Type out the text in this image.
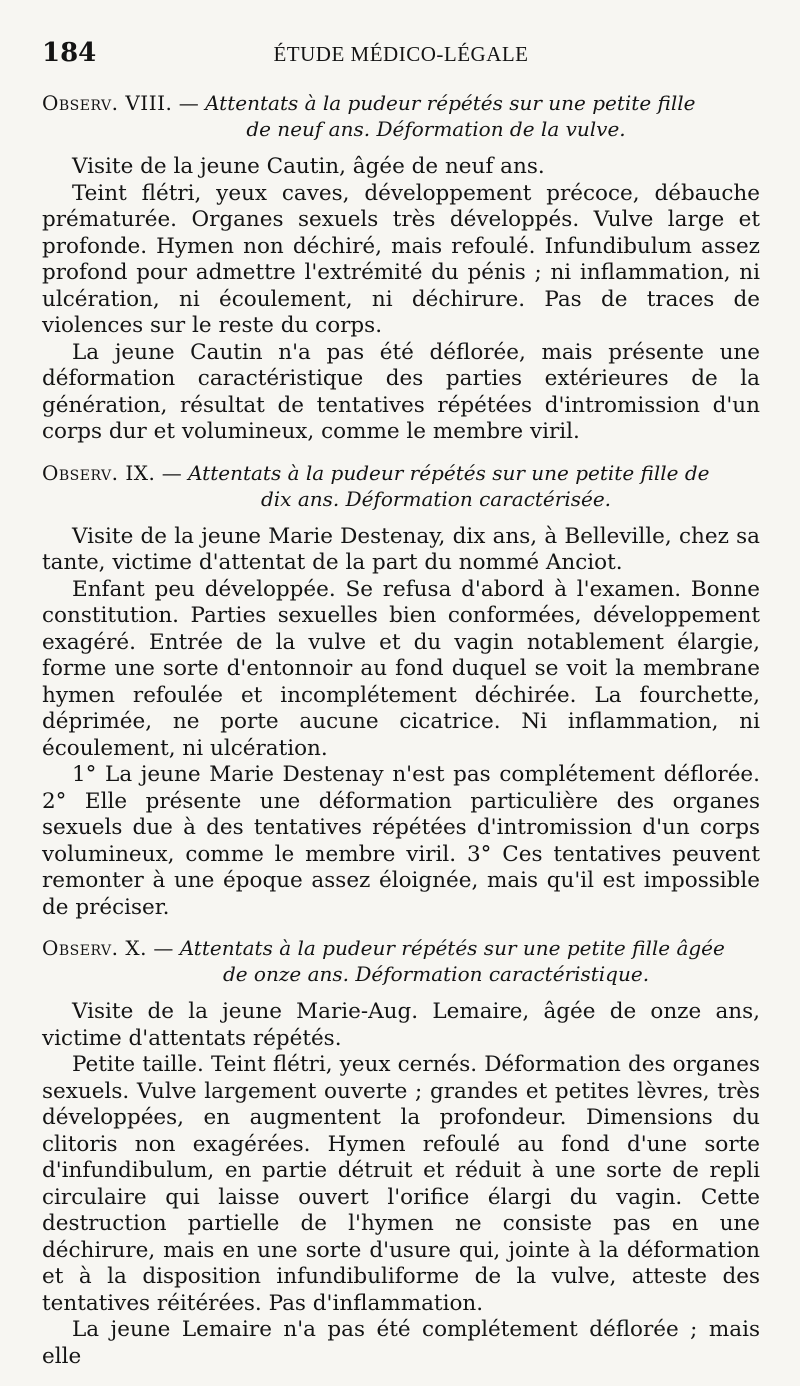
184	ÉTUDE MÉDICO-LÉGALE
Observ. VIII. — Attentats à la pudeur répétés sur une petite fille
de neuf ans. Déformation de la vulve.

Visite de la jeune Cautin, âgée de neuf ans.

Teint flétri, yeux caves, développement précoce, débauche prématurée. Organes sexuels très développés. Vulve large et profonde. Hymen non déchiré, mais refoulé. Infundibulum assez profond pour admettre l'extrémité du pénis ; ni inflammation, ni ulcération, ni écoulement, ni déchirure. Pas de traces de violences sur le reste du corps.

La jeune Cautin n'a pas été déflorée, mais présente une déformation caractéristique des parties extérieures de la génération, résultat de tentatives répétées d'intromission d'un corps dur et volumineux, comme le membre viril.

Observ. IX. — Attentats à la pudeur répétés sur une petite fille de
dix ans. Déformation caractérisée.

Visite de la jeune Marie Destenay, dix ans, à Belleville, chez sa tante, victime d'attentat de la part du nommé Anciot.

Enfant peu développée. Se refusa d'abord à l'examen. Bonne constitution. Parties sexuelles bien conformées, développement exagéré. Entrée de la vulve et du vagin notablement élargie, forme une sorte d'entonnoir au fond duquel se voit la membrane hymen refoulée et incomplétement déchirée. La fourchette, déprimée, ne porte aucune cicatrice. Ni inflammation, ni écoulement, ni ulcération.

1° La jeune Marie Destenay n'est pas complétement déflorée. 2° Elle présente une déformation particulière des organes sexuels due à des tentatives répétées d'intromission d'un corps volumineux, comme le membre viril. 3° Ces tentatives peuvent remonter à une époque assez éloignée, mais qu'il est impossible de préciser.

Observ. X. — Attentats à la pudeur répétés sur une petite fille âgée
de onze ans. Déformation caractéristique.

Visite de la jeune Marie-Aug. Lemaire, âgée de onze ans, victime d'attentats répétés.

Petite taille. Teint flétri, yeux cernés. Déformation des organes sexuels. Vulve largement ouverte ; grandes et petites lèvres, très développées, en augmentent la profondeur. Dimensions du clitoris non exagérées. Hymen refoulé au fond d'une sorte d'infundibulum, en partie détruit et réduit à une sorte de repli circulaire qui laisse ouvert l'orifice élargi du vagin. Cette destruction partielle de l'hymen ne consiste pas en une déchirure, mais en une sorte d'usure qui, jointe à la déformation et à la disposition infundibuliforme de la vulve, atteste des tentatives réitérées. Pas d'inflammation.

La jeune Lemaire n'a pas été complétement déflorée ; mais elle
